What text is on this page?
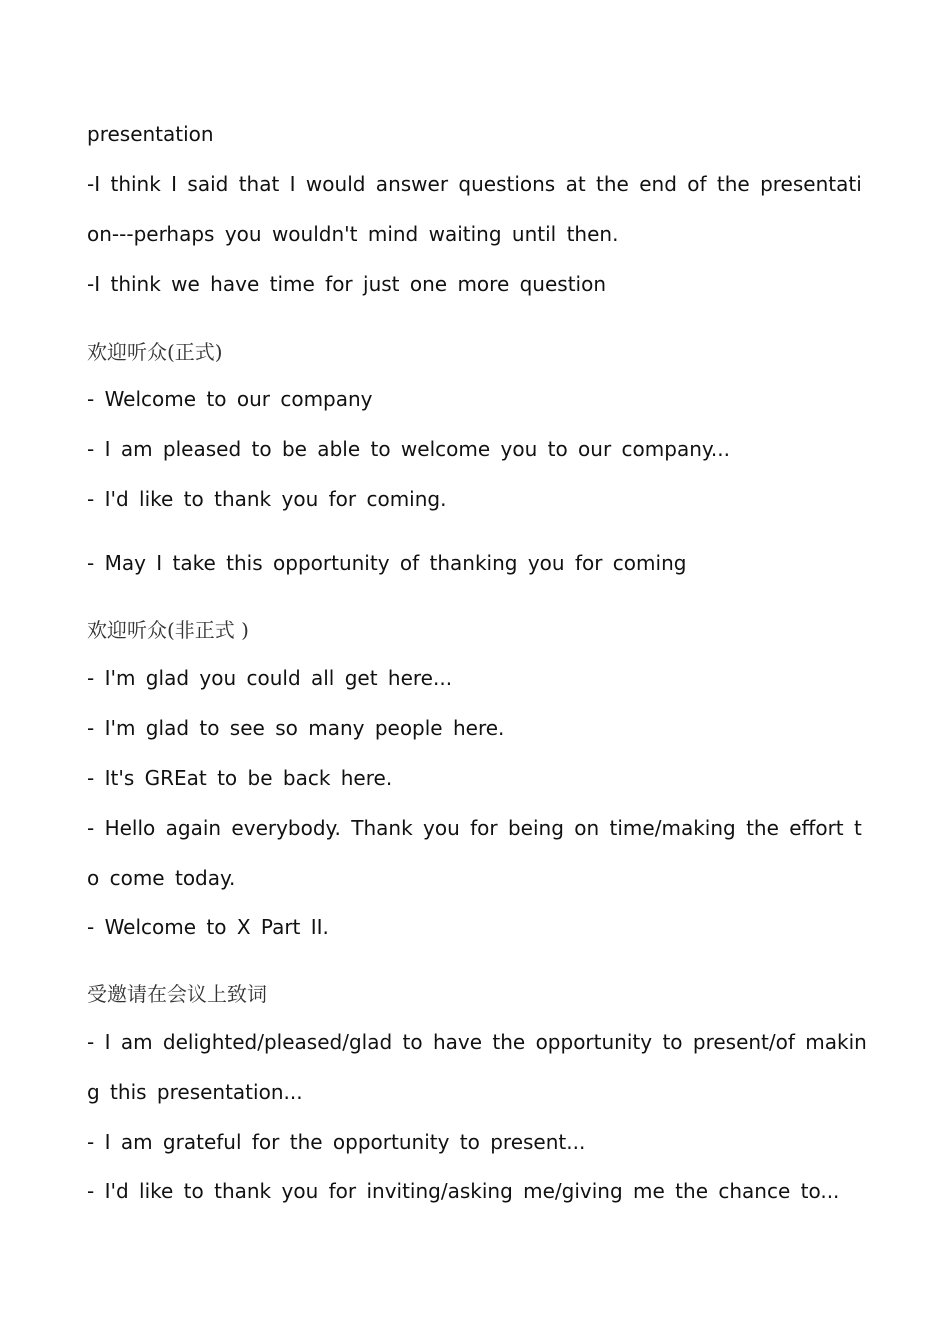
presentation

-I think I said that I would answer questions at the end of the presentati

on---perhaps you wouldn't mind waiting until then.

-I think we have time for just one more question

欢迎听众(正式)

- Welcome to our company

- I am pleased to be able to welcome you to our company...

- I'd like to thank you for coming.

- May I take this opportunity of thanking you for coming

欢迎听众(非正式 )

- I'm glad you could all get here...

- I'm glad to see so many people here.

- It's GREat to be back here.

- Hello again everybody. Thank you for being on time/making the effort t

o come today.

- Welcome to X Part II.

受邀请在会议上致词

- I am delighted/pleased/glad to have the opportunity to present/of makin

g this presentation...

- I am grateful for the opportunity to present...

- I'd like to thank you for inviting/asking me/giving me the chance to...
